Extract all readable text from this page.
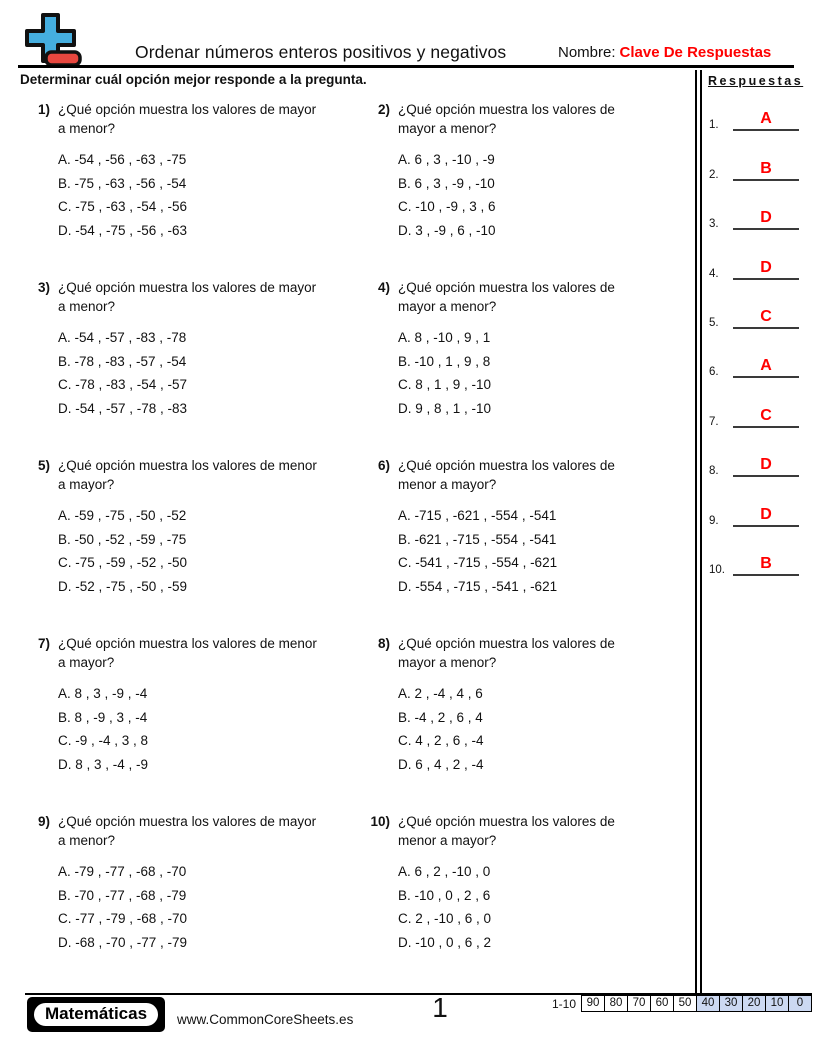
Ordenar números enteros positivos y negativos	Nombre: Clave De Respuestas
Determinar cuál opción mejor responde a la pregunta.
1) ¿Qué opción muestra los valores de mayor
a menor?
A. -54 , -56 , -63 , -75
B. -75 , -63 , -56 , -54
C. -75 , -63 , -54 , -56
D. -54 , -75 , -56 , -63
2) ¿Qué opción muestra los valores de
mayor a menor?
A. 6 , 3 , -10 , -9
B. 6 , 3 , -9 , -10
C. -10 , -9 , 3 , 6
D. 3 , -9 , 6 , -10
3) ¿Qué opción muestra los valores de mayor
a menor?
A. -54 , -57 , -83 , -78
B. -78 , -83 , -57 , -54
C. -78 , -83 , -54 , -57
D. -54 , -57 , -78 , -83
4) ¿Qué opción muestra los valores de
mayor a menor?
A. 8 , -10 , 9 , 1
B. -10 , 1 , 9 , 8
C. 8 , 1 , 9 , -10
D. 9 , 8 , 1 , -10
5) ¿Qué opción muestra los valores de menor
a mayor?
A. -59 , -75 , -50 , -52
B. -50 , -52 , -59 , -75
C. -75 , -59 , -52 , -50
D. -52 , -75 , -50 , -59
6) ¿Qué opción muestra los valores de
menor a mayor?
A. -715 , -621 , -554 , -541
B. -621 , -715 , -554 , -541
C. -541 , -715 , -554 , -621
D. -554 , -715 , -541 , -621
7) ¿Qué opción muestra los valores de menor
a mayor?
A. 8 , 3 , -9 , -4
B. 8 , -9 , 3 , -4
C. -9 , -4 , 3 , 8
D. 8 , 3 , -4 , -9
8) ¿Qué opción muestra los valores de
mayor a menor?
A. 2 , -4 , 4 , 6
B. -4 , 2 , 6 , 4
C. 4 , 2 , 6 , -4
D. 6 , 4 , 2 , -4
9) ¿Qué opción muestra los valores de mayor
a menor?
A. -79 , -77 , -68 , -70
B. -70 , -77 , -68 , -79
C. -77 , -79 , -68 , -70
D. -68 , -70 , -77 , -79
10) ¿Qué opción muestra los valores de
menor a mayor?
A. 6 , 2 , -10 , 0
B. -10 , 0 , 2 , 6
C. 2 , -10 , 6 , 0
D. -10 , 0 , 6 , 2
Respuestas
1.	A
2.	B
3.	D
4.	D
5.	C
6.	A
7.	C
8.	D
9.	D
10.	B
Matemáticas	www.CommonCoreSheets.es	1	1-10 90 80 70 60 50 40 30 20 10	0
